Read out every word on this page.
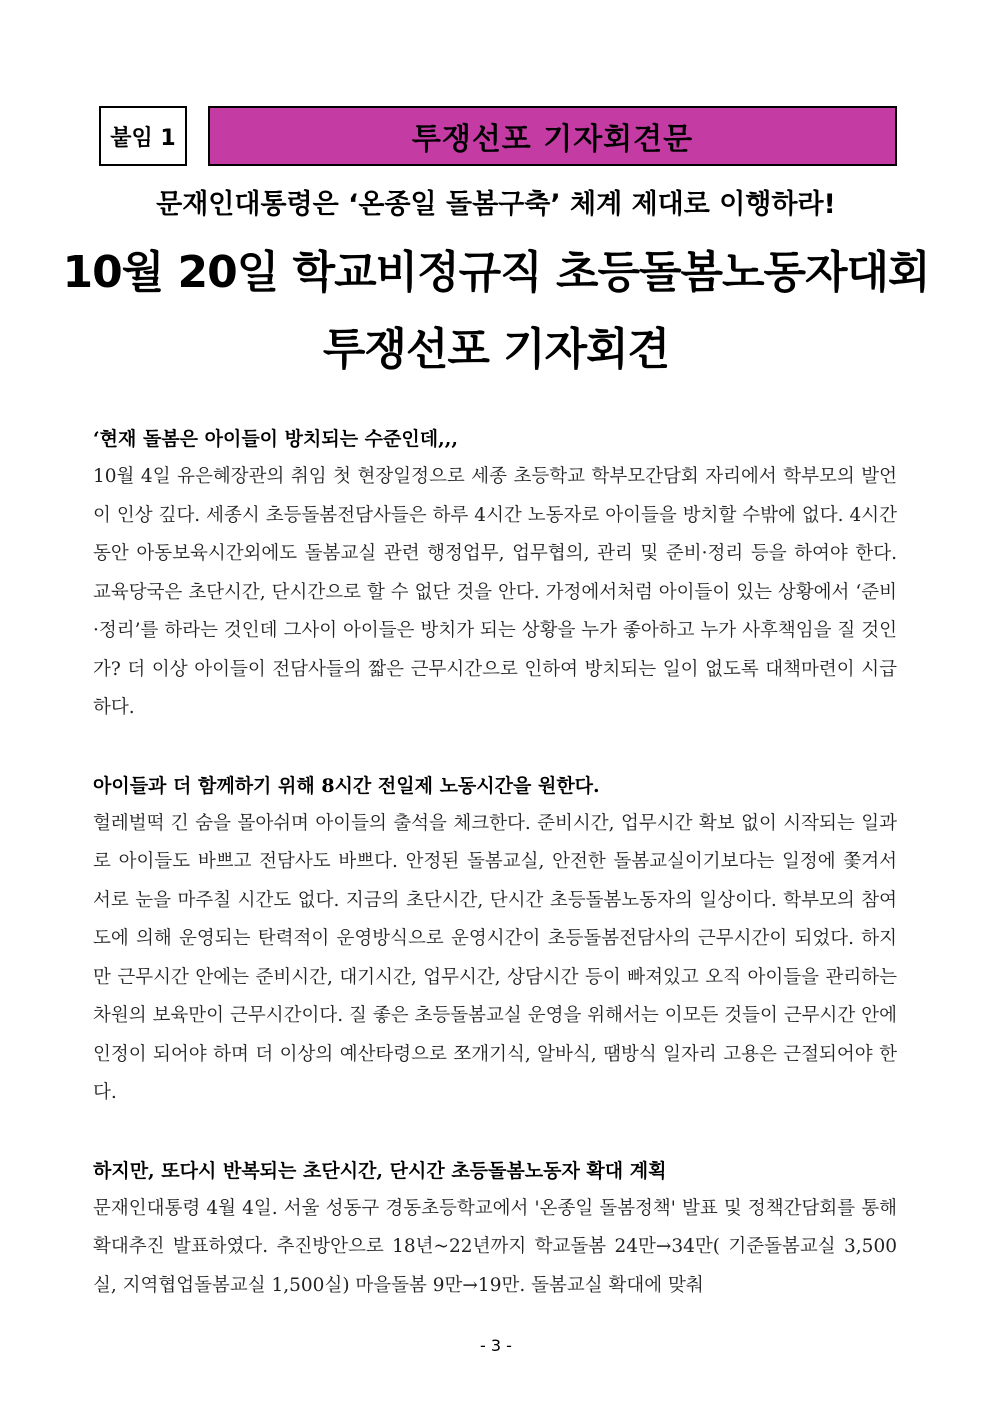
붙임 1	투쟁선포 기자회견문
문재인대통령은 ‘온종일 돌봄구축’ 체계 제대로 이행하라!
10월 20일 학교비정규직 초등돌봄노동자대회
투쟁선포 기자회견

‘현재 돌봄은 아이들이 방치되는 수준인데,,,

10월 4일 유은혜장관의 취임 첫 현장일정으로 세종 초등학교 학부모간담회 자리에서 학부모의 발언이 인상 깊다. 세종시 초등돌봄전담사들은 하루 4시간 노동자로 아이들을 방치할 수밖에 없다. 4시간동안 아동보육시간외에도 돌봄교실 관련 행정업무, 업무협의, 관리 및 준비·정리 등을 하여야 한다. 교육당국은 초단시간, 단시간으로 할 수 없단 것을 안다. 가정에서처럼 아이들이 있는 상황에서 ‘준비·정리’를 하라는 것인데 그사이 아이들은 방치가 되는 상황을 누가 좋아하고 누가 사후책임을 질 것인가? 더 이상 아이들이 전담사들의 짧은 근무시간으로 인하여 방치되는 일이 없도록 대책마련이 시급하다.

아이들과 더 함께하기 위해 8시간 전일제 노동시간을 원한다.

헐레벌떡 긴 숨을 몰아쉬며 아이들의 출석을 체크한다. 준비시간, 업무시간 확보 없이 시작되는 일과로 아이들도 바쁘고 전담사도 바쁘다. 안정된 돌봄교실, 안전한 돌봄교실이기보다는 일정에 쫓겨서 서로 눈을 마주칠 시간도 없다. 지금의 초단시간, 단시간 초등돌봄노동자의 일상이다. 학부모의 참여도에 의해 운영되는 탄력적이 운영방식으로 운영시간이 초등돌봄전담사의 근무시간이 되었다. 하지만 근무시간 안에는 준비시간, 대기시간, 업무시간, 상담시간 등이 빠져있고 오직 아이들을 관리하는 차원의 보육만이 근무시간이다. 질 좋은 초등돌봄교실 운영을 위해서는 이모든 것들이 근무시간 안에 인정이 되어야 하며 더 이상의 예산타령으로 쪼개기식, 알바식, 땜방식 일자리 고용은 근절되어야 한다.

하지만, 또다시 반복되는 초단시간, 단시간 초등돌봄노동자 확대 계획

문재인대통령 4월 4일. 서울 성동구 경동초등학교에서 '온종일 돌봄정책' 발표 및 정책간담회를 통해 확대추진 발표하였다. 추진방안으로 18년~22년까지 학교돌봄 24만→34만( 기준돌봄교실 3,500실, 지역협업돌봄교실 1,500실) 마을돌봄 9만→19만. 돌봄교실 확대에 맞춰

- 3 -
